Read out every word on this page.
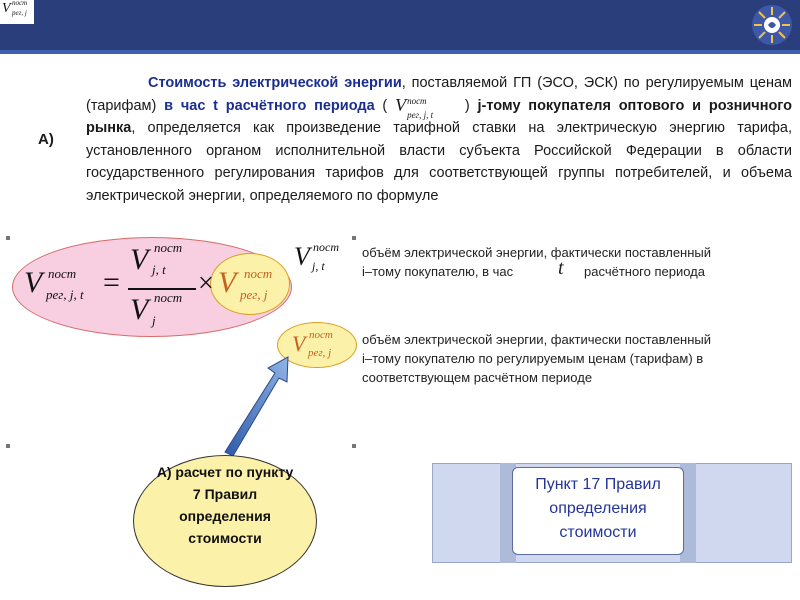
V пост
рег, j
А)
Стоимость электрической энергии, поставляемой ГП (ЭСО, ЭСК) по регулируемым ценам (тарифам) в час t расчётного периода ( V пост
рег, j, t
) j-тому покупателя оптового и розничного рынка, определяется как произведение тарифной ставки на электрическую энергию тарифа, установленного органом исполнительной власти субъекта Российской Федерации в области государственного регулирования тарифов для соответствующей группы потребителей, и объема электрической энергии, определяемого по формуле
V пост
рег, j, t =
V пост
j, t
V пост
j
× V пост
рег, j
V пост
j, t
V пост
рег, j
объём электрической энергии, фактически поставленный
i–тому покупателю, в час t расчётного периода
объём электрической энергии, фактически поставленный
i–тому покупателю по регулируемым ценам (тарифам) в
соответствующем расчётном периоде
А) расчет по пункту
7 Правил
определения
стоимости
Пункт 17 Правил
определения
стоимости
